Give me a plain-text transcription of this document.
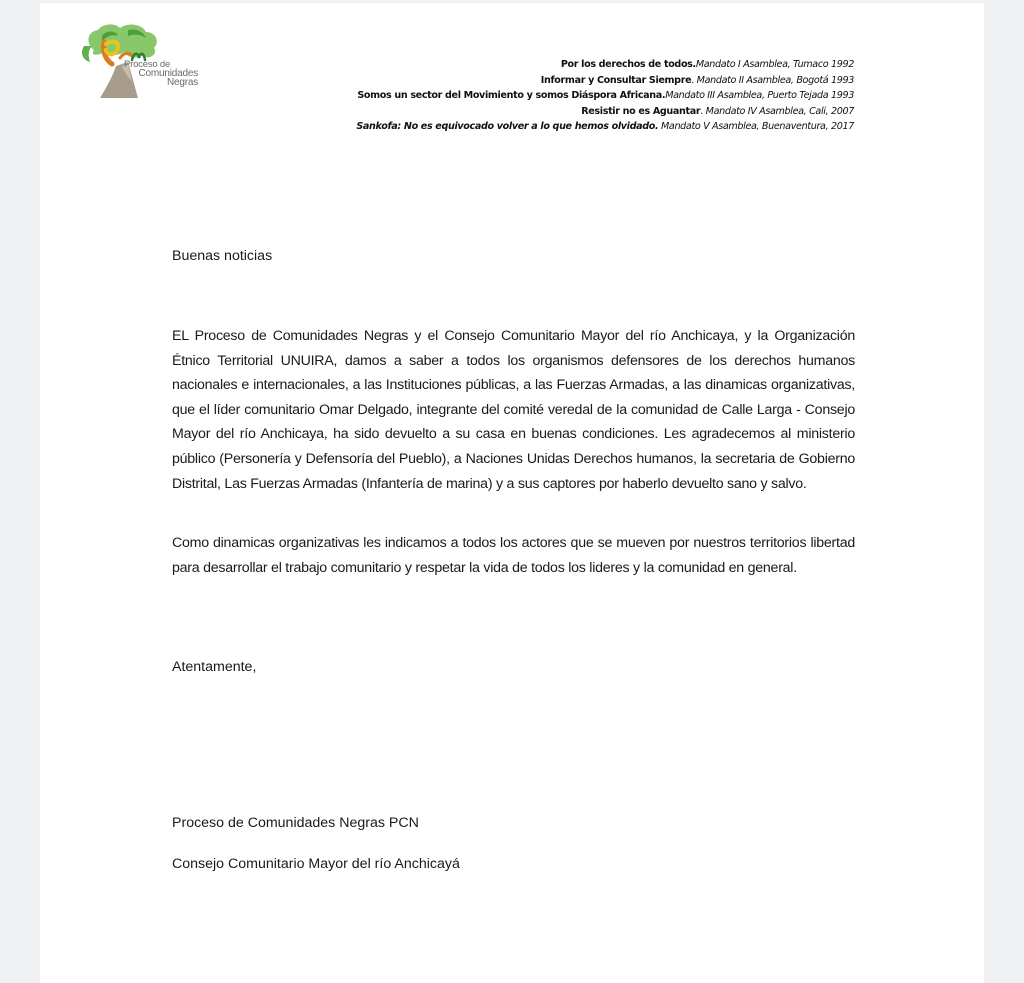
Proceso de
Comunidades
Negras
Por los derechos de todos.Mandato I Asamblea, Tumaco 1992
Informar y Consultar Siempre. Mandato II Asamblea, Bogotá 1993
Somos un sector del Movimiento y somos Diáspora Africana.Mandato III Asamblea, Puerto Tejada 1993
Resistir no es Aguantar. Mandato IV Asamblea, Cali, 2007
Sankofa: No es equivocado volver a lo que hemos olvidado. Mandato V Asamblea, Buenaventura, 2017
Buenas noticias
EL Proceso de Comunidades Negras y el Consejo Comunitario Mayor del río Anchicaya, y la Organización Étnico Territorial UNUIRA, damos a saber a todos los organismos defensores de los derechos humanos nacionales e internacionales, a las Instituciones públicas, a las Fuerzas Armadas, a las dinamicas organizativas, que el líder comunitario Omar Delgado, integrante del comité veredal de la comunidad de Calle Larga - Consejo Mayor del río Anchicaya, ha sido devuelto a su casa en buenas condiciones. Les agradecemos al ministerio público (Personería y Defensoría del Pueblo), a Naciones Unidas Derechos humanos, la secretaria de Gobierno Distrital, Las Fuerzas Armadas (Infantería de marina) y a sus captores por haberlo devuelto sano y salvo.
Como dinamicas organizativas les indicamos a todos los actores que se mueven por nuestros territorios libertad para desarrollar el trabajo comunitario y respetar la vida de todos los lideres y la comunidad en general.
Atentamente,
Proceso de Comunidades Negras PCN
Consejo Comunitario Mayor del río Anchicayá
